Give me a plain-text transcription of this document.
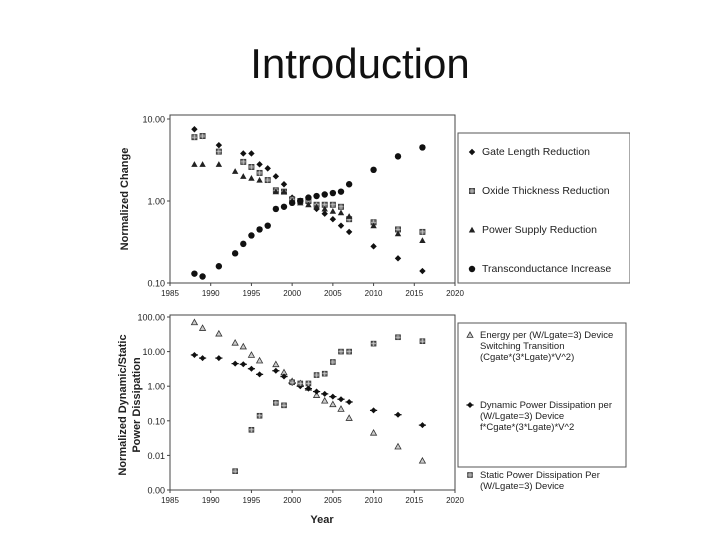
Introduction
Normalized Change	Gate Length Reduction
Oxide Thickness Reduction
Power Supply Reduction
Transconductance Increase
10.00
1.00
0.10
1985	1990	1995	2000	2005	2010	2015	2020
Normalized Dynamic/Static Power Dissipation
Year
Energy per (W/Lgate=3) Device
Switching Transition
(Cgate*(3*Lgate)*V^2)
Dynamic Power Dissipation per
(W/Lgate=3) Device
f*Cgate*(3*Lgate)*V^2
Static Power Dissipation Per
(W/Lgate=3) Device
100.00
10.00
1.00
0.10
0.01
0.00
1985	1990	1995	2000	2005	2010	2015	2020
